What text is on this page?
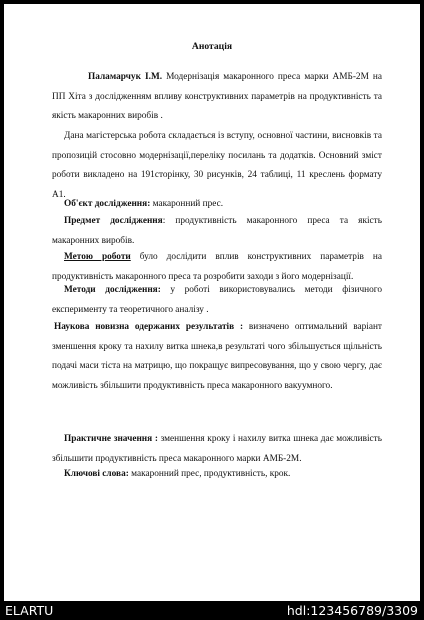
Анотація
Паламарчук І.М. Модернізація макаронного преса марки АМБ-2М на ПП Хіта з дослідженням впливу конструктивних параметрів на продуктивність та якість макаронних виробів .
Дана магістерська робота складається із вступу, основної частини, висновків та пропозицій стосовно модернізації,переліку посилань та додатків. Основний зміст роботи викладено на 191сторінку, 30 рисунків, 24 таблиці, 11 креслень формату А1.
Об'єкт дослідження: макаронний прес.
Предмет дослідження: продуктивність макаронного преса та якість макаронних виробів.
Метою роботи було дослідити вплив конструктивних параметрів на продуктивність макаронного преса та розробити заходи з його модернізації.
Методи дослідження: у роботі використовувались методи фізичного експерименту та теоретичного аналізу .
Наукова новизна одержаних результатів : визначено оптимальний варіант зменшення кроку та нахилу витка шнека,в результаті чого збільшується щільність подачі маси тіста на матрицю, що покращує випресовування, що у свою чергу, дає можливість збільшити продуктивність преса макаронного вакуумного.
Практичне значення : зменшення кроку і нахилу витка шнека дає можливість збільшити продуктивність преса макаронного марки АМБ-2М.
Ключові слова: макаронний прес, продуктивність, крок.
ELARTU	hdl:123456789/3309
